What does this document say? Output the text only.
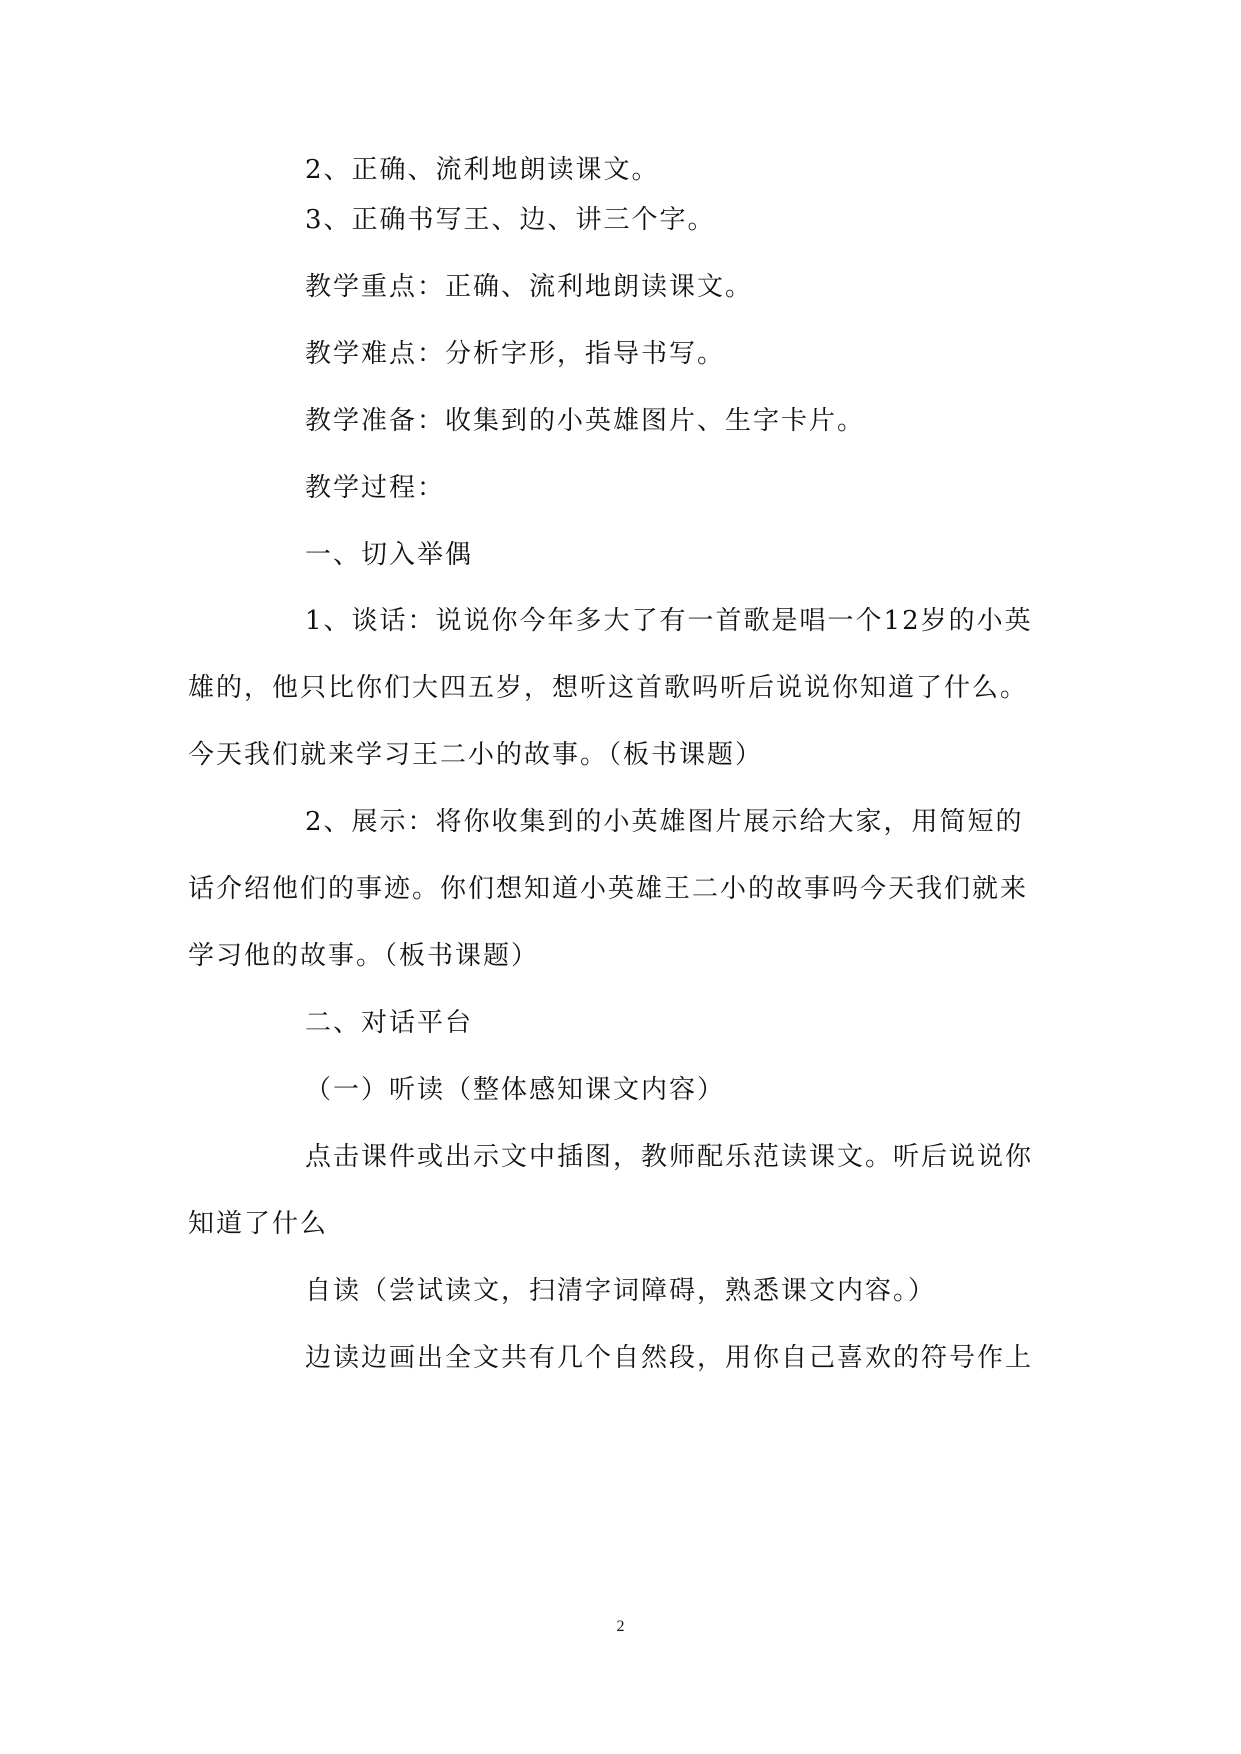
2、正确、流利地朗读课文。
3、正确书写王、边、讲三个字。
教学重点：正确、流利地朗读课文。
教学难点：分析字形，指导书写。
教学准备：收集到的小英雄图片、生字卡片。
教学过程：
一、切入举偶
1、谈话：说说你今年多大了有一首歌是唱一个12岁的小英
雄的，他只比你们大四五岁，想听这首歌吗听后说说你知道了什么。
今天我们就来学习王二小的故事。（板书课题）
2、展示：将你收集到的小英雄图片展示给大家，用简短的
话介绍他们的事迹。你们想知道小英雄王二小的故事吗今天我们就来
学习他的故事。（板书课题）
二、对话平台
（一）听读（整体感知课文内容）
点击课件或出示文中插图，教师配乐范读课文。听后说说你
知道了什么
自读（尝试读文，扫清字词障碍，熟悉课文内容。）
边读边画出全文共有几个自然段，用你自己喜欢的符号作上
2
